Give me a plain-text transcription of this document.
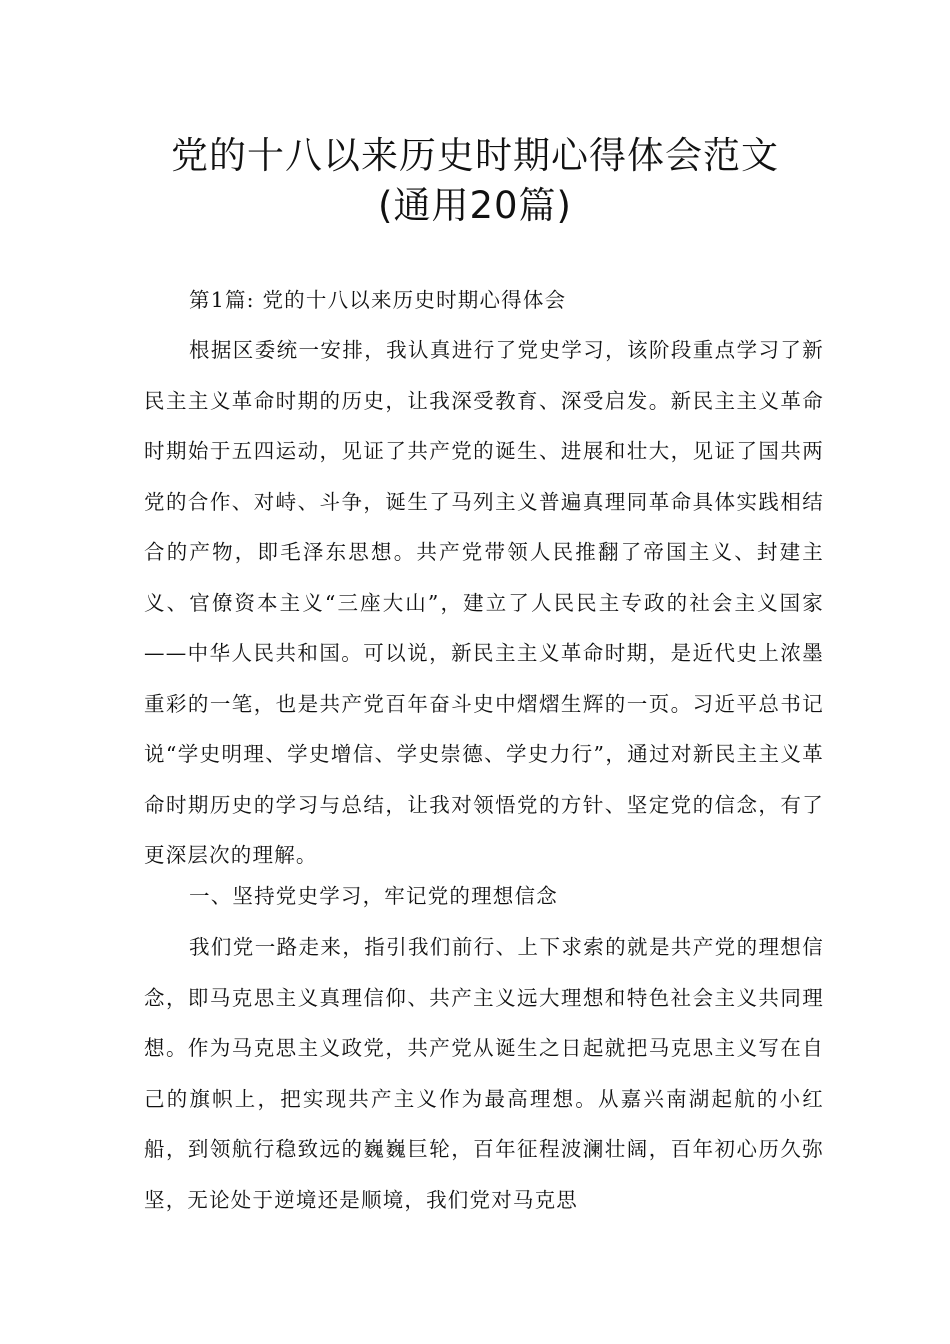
党的十八以来历史时期心得体会范文
(通用20篇)

第1篇: 党的十八以来历史时期心得体会

根据区委统一安排，我认真进行了党史学习，该阶段重点学习了新民主主义革命时期的历史，让我深受教育、深受启发。新民主主义革命时期始于五四运动，见证了共产党的诞生、进展和壮大，见证了国共两党的合作、对峙、斗争，诞生了马列主义普遍真理同革命具体实践相结合的产物，即毛泽东思想。共产党带领人民推翻了帝国主义、封建主义、官僚资本主义“三座大山”，建立了人民民主专政的社会主义国家——中华人民共和国。可以说，新民主主义革命时期，是近代史上浓墨重彩的一笔，也是共产党百年奋斗史中熠熠生辉的一页。习近平总书记说“学史明理、学史增信、学史崇德、学史力行”，通过对新民主主义革命时期历史的学习与总结，让我对领悟党的方针、坚定党的信念，有了更深层次的理解。

一、坚持党史学习，牢记党的理想信念

我们党一路走来，指引我们前行、上下求索的就是共产党的理想信念，即马克思主义真理信仰、共产主义远大理想和特色社会主义共同理想。作为马克思主义政党，共产党从诞生之日起就把马克思主义写在自己的旗帜上，把实现共产主义作为最高理想。从嘉兴南湖起航的小红船，到领航行稳致远的巍巍巨轮，百年征程波澜壮阔，百年初心历久弥坚，无论处于逆境还是顺境，我们党对马克思
